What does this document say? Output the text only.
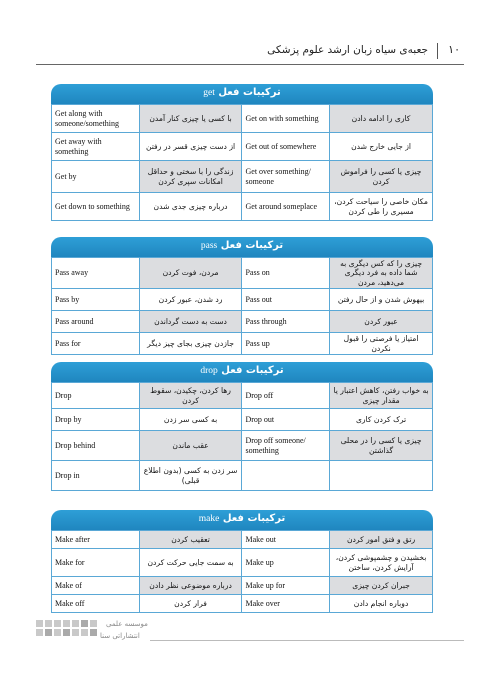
جعبه‌ی سیاه زبان ارشد علوم پزشکی ۱۰
ترکیبات فعل get
Get along with someone/something	با کسی یا چیزی کنار آمدن	Get on with something	کاری را ادامه دادن
Get away with something	از دست چیزی قسر در رفتن	Get out of somewhere	از جایی خارج شدن
Get by	زندگی را با سختی و حداقل امکانات سپری کردن	Get over something/ someone	چیزی یا کسی را فراموش کردن
Get down to something	درباره چیزی جدی شدن	Get around someplace	مکان خاصی را سیاحت کردن، مسیری را طی کردن
ترکیبات فعل pass
Pass away	مردن، فوت کردن	Pass on	چیزی را که کس دیگری به شما داده به فرد دیگری می‌دهید، مردن
Pass by	رد شدن، عبور کردن	Pass out	بیهوش شدن و از حال رفتن
Pass around	دست به دست گرداندن	Pass through	عبور کردن
Pass for	جازدن چیزی بجای چیز دیگر	Pass up	امتیاز یا فرصتی را قبول نکردن
ترکیبات فعل drop
Drop	رها کردن، چکیدن، سقوط کردن	Drop off	به خواب رفتن، کاهش اعتبار یا مقدار چیزی
Drop by	به کسی سر زدن	Drop out	ترک کردن کاری
Drop behind	عقب ماندن	Drop off someone/ something	چیزی یا کسی را در محلی گذاشتن
Drop in	سر زدن به کسی (بدون اطلاع قبلی)		
ترکیبات فعل make
Make after	تعقیب کردن	Make out	رتق و فتق امور کردن
Make for	به سمت جایی حرکت کردن	Make up	بخشیدن و چشمپوشی کردن، آرایش کردن، ساختن
Make of	درباره موضوعی نظر دادن	Make up for	جبران کردن چیزی
Make off	فرار کردن	Make over	دوباره انجام دادن
موسسه علمی
انتشاراتی سنا
